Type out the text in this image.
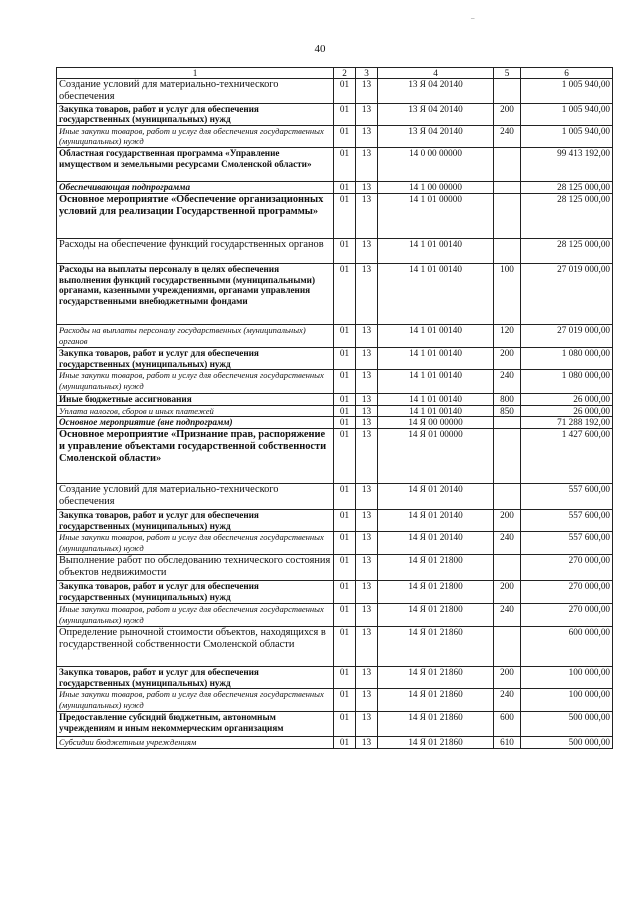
–
40
1	2	3	4	5	6
Создание условий для материально-технического обеспечения	01	13	13 Я 04 20140		1 005 940,00
Закупка товаров, работ и услуг для обеспечения государственных (муниципальных) нужд	01	13	13 Я 04 20140	200	1 005 940,00
Иные закупки товаров, работ и услуг для обеспечения государственных (муниципальных) нужд	01	13	13 Я 04 20140	240	1 005 940,00
Областная государственная программа «Управление имуществом и земельными ресурсами Смоленской области»	01	13	14 0 00 00000		99 413 192,00
Обеспечивающая подпрограмма	01	13	14 1 00 00000		28 125 000,00
Основное мероприятие «Обеспечение организационных условий для реализации Государственной программы»	01	13	14 1 01 00000		28 125 000,00
Расходы на обеспечение функций государственных органов	01	13	14 1 01 00140		28 125 000,00
Расходы на выплаты персоналу в целях обеспечения выполнения функций государственными (муниципальными) органами, казенными учреждениями, органами управления государственными внебюджетными фондами	01	13	14 1 01 00140	100	27 019 000,00
Расходы на выплаты персоналу государственных (муниципальных) органов	01	13	14 1 01 00140	120	27 019 000,00
Закупка товаров, работ и услуг для обеспечения государственных (муниципальных) нужд	01	13	14 1 01 00140	200	1 080 000,00
Иные закупки товаров, работ и услуг для обеспечения государственных (муниципальных) нужд	01	13	14 1 01 00140	240	1 080 000,00
Иные бюджетные ассигнования	01	13	14 1 01 00140	800	26 000,00
Уплата налогов, сборов и иных платежей	01	13	14 1 01 00140	850	26 000,00
Основное мероприятие (вне подпрограмм)	01	13	14 Я 00 00000		71 288 192,00
Основное мероприятие «Признание прав, распоряжение и управление объектами государственной собственности Смоленской области»	01	13	14 Я 01 00000		1 427 600,00
Создание условий для материально-технического обеспечения	01	13	14 Я 01 20140		557 600,00
Закупка товаров, работ и услуг для обеспечения государственных (муниципальных) нужд	01	13	14 Я 01 20140	200	557 600,00
Иные закупки товаров, работ и услуг для обеспечения государственных (муниципальных) нужд	01	13	14 Я 01 20140	240	557 600,00
Выполнение работ по обследованию технического состояния объектов недвижимости	01	13	14 Я 01 21800		270 000,00
Закупка товаров, работ и услуг для обеспечения государственных (муниципальных) нужд	01	13	14 Я 01 21800	200	270 000,00
Иные закупки товаров, работ и услуг для обеспечения государственных (муниципальных) нужд	01	13	14 Я 01 21800	240	270 000,00
Определение рыночной стоимости объектов, находящихся в государственной собственности Смоленской области	01	13	14 Я 01 21860		600 000,00
Закупка товаров, работ и услуг для обеспечения государственных (муниципальных) нужд	01	13	14 Я 01 21860	200	100 000,00
Иные закупки товаров, работ и услуг для обеспечения государственных (муниципальных) нужд	01	13	14 Я 01 21860	240	100 000,00
Предоставление субсидий бюджетным, автономным учреждениям и иным некоммерческим организациям	01	13	14 Я 01 21860	600	500 000,00
Субсидии бюджетным учреждениям	01	13	14 Я 01 21860	610	500 000,00
